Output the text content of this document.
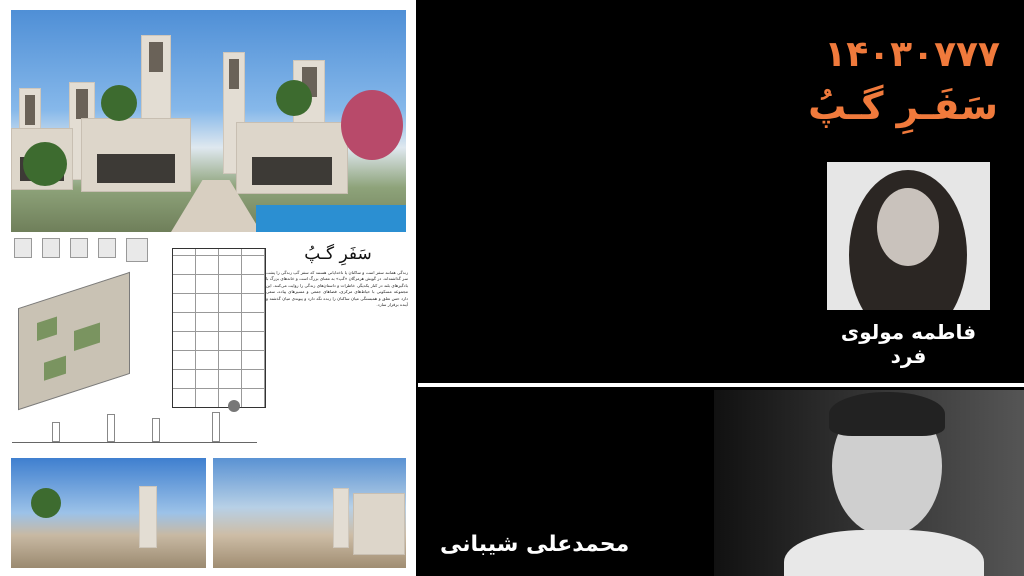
سَفَرِ گـپُ
زندگی همانند سفر است و ساکنان یا ناخدایانی هستند که سفر گپ زندگی را پشت سر گذاشته‌اند. در گویش هرمزگان «گپ» به معنای بزرگ است و خانه‌های بزرگ با بادگیرهای بلند در کنار یکدیگر، خاطرات و داستان‌های زندگی را روایت می‌کنند. این مجموعه مسکونی با حیاط‌های مرکزی، فضاهای جمعی و مسیرهای پیاده، سعی دارد حس تعلق و همبستگی میان ساکنان را زنده نگه دارد و پیوندی میان گذشته و آینده برقرار سازد.
۱۴۰۳۰۷۷۷
سَفَـرِ گـپُ
فاطمه مولوی فرد
محمدعلی شیبانی
